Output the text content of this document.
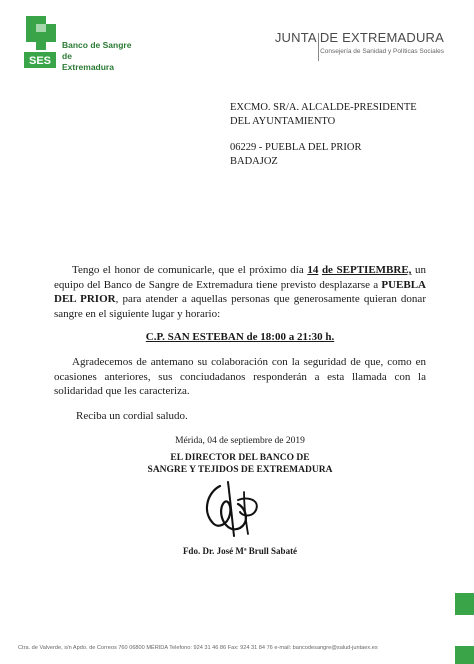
SES
Banco de Sangre
de
Extremadura
JUNTA DE EXTREMADURA
Consejería de Sanidad y Políticas Sociales
EXCMO. SR/A. ALCALDE-PRESIDENTE
DEL AYUNTAMIENTO
06229 - PUEBLA DEL PRIOR
BADAJOZ
Tengo el honor de comunicarle, que el próximo día 14 de SEPTIEMBRE, un equipo del Banco de Sangre de Extremadura tiene previsto desplazarse a PUEBLA DEL PRIOR, para atender a aquellas personas que generosamente quieran donar sangre en el siguiente lugar y horario:
C.P. SAN ESTEBAN de 18:00 a 21:30 h.
Agradecemos de antemano su colaboración con la seguridad de que, como en ocasiones anteriores, sus conciudadanos responderán a esta llamada con la solidaridad que les caracteriza.
Reciba un cordial saludo.
Mérida, 04 de septiembre de 2019
EL DIRECTOR DEL BANCO DE
SANGRE Y TEJIDOS DE EXTREMADURA
Fdo. Dr. José Mª Brull Sabaté
Ctra. de Valverde, s/n Apdo. de Correos 760 06800 MÉRIDA Telefono: 924 31 46 86 Fax: 924 31 84 76 e-mail: bancodesangre@salud-juntaex.es
